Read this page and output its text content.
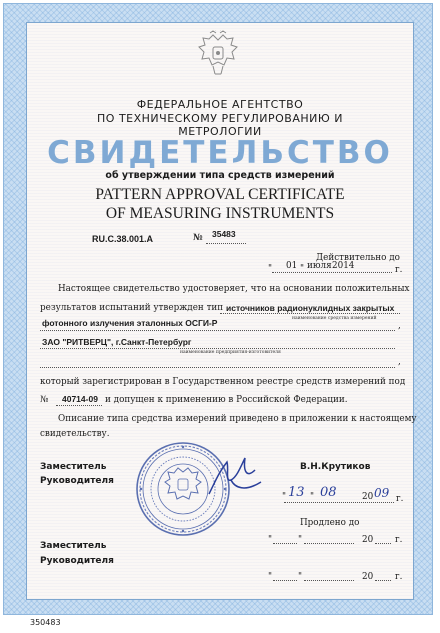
ФЕДЕРАЛЬНОЕ АГЕНТСТВО
ПО ТЕХНИЧЕСКОМУ РЕГУЛИРОВАНИЮ И МЕТРОЛОГИИ
СВИДЕТЕЛЬСТВО
об утверждении типа средств измерений
PATTERN APPROVAL CERTIFICATE
OF MEASURING INSTRUMENTS
RU.C.38.001.A	№ 35483
Действительно до
" 01 " июля 2014	г.
Настоящее свидетельство удостоверяет, что на основании положительных
результатов испытаний утвержден тип источников радионуклидных закрытых
наименование средства измерений
фотонного излучения эталонных ОСГИ-Р	,
ЗАО "РИТВЕРЦ", г.Санкт-Петербург
наименование предприятия-изготовителя
,
который зарегистрирован в Государственном реестре средств измерений под
№ 40714-09 и допущен к применению в Российской Федерации.
Описание типа средства измерений приведено в приложении к настоящему
свидетельству.
Заместитель
Руководителя
В.Н.Крутиков
" 13 " 08	20 09 г.
Продлено до
"	"	20 г.
Заместитель
Руководителя
"	"	20 г.
350483
